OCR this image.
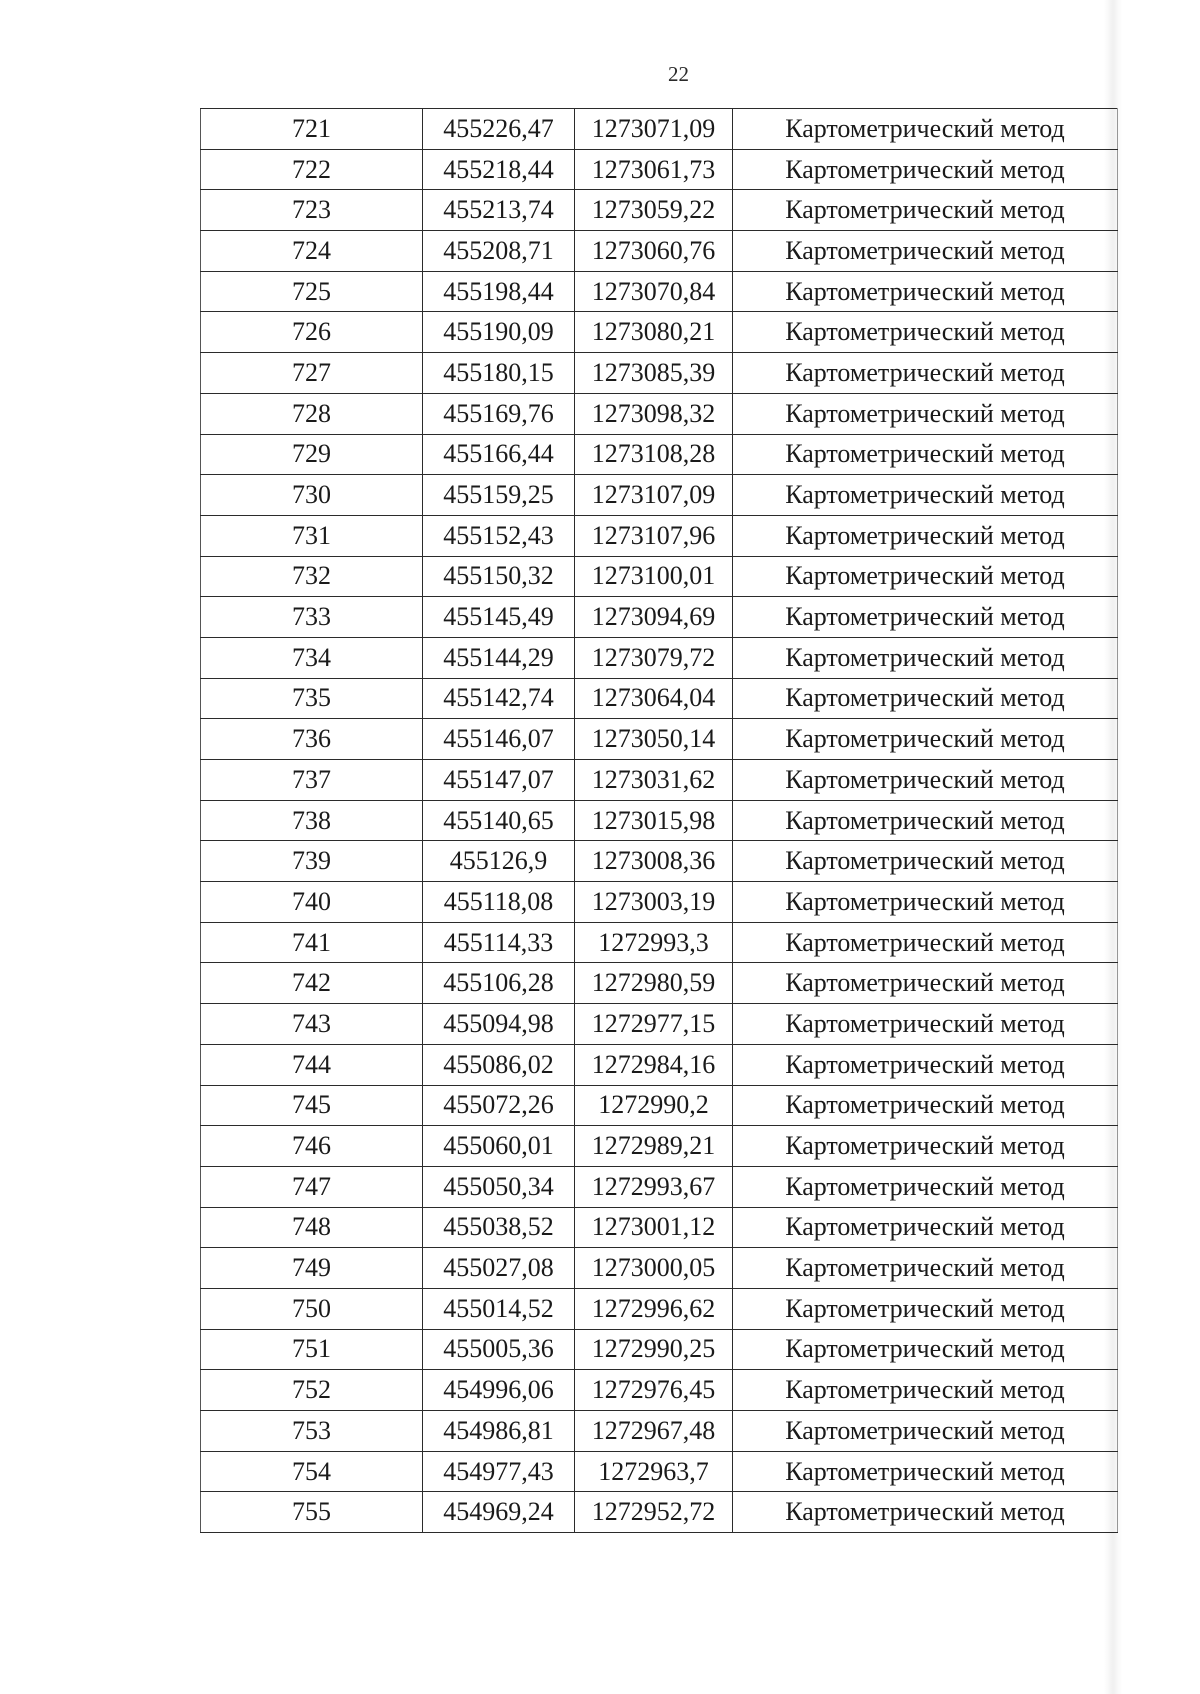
22
721	455226,47	1273071,09	Картометрический метод
722	455218,44	1273061,73	Картометрический метод
723	455213,74	1273059,22	Картометрический метод
724	455208,71	1273060,76	Картометрический метод
725	455198,44	1273070,84	Картометрический метод
726	455190,09	1273080,21	Картометрический метод
727	455180,15	1273085,39	Картометрический метод
728	455169,76	1273098,32	Картометрический метод
729	455166,44	1273108,28	Картометрический метод
730	455159,25	1273107,09	Картометрический метод
731	455152,43	1273107,96	Картометрический метод
732	455150,32	1273100,01	Картометрический метод
733	455145,49	1273094,69	Картометрический метод
734	455144,29	1273079,72	Картометрический метод
735	455142,74	1273064,04	Картометрический метод
736	455146,07	1273050,14	Картометрический метод
737	455147,07	1273031,62	Картометрический метод
738	455140,65	1273015,98	Картометрический метод
739	455126,9	1273008,36	Картометрический метод
740	455118,08	1273003,19	Картометрический метод
741	455114,33	1272993,3	Картометрический метод
742	455106,28	1272980,59	Картометрический метод
743	455094,98	1272977,15	Картометрический метод
744	455086,02	1272984,16	Картометрический метод
745	455072,26	1272990,2	Картометрический метод
746	455060,01	1272989,21	Картометрический метод
747	455050,34	1272993,67	Картометрический метод
748	455038,52	1273001,12	Картометрический метод
749	455027,08	1273000,05	Картометрический метод
750	455014,52	1272996,62	Картометрический метод
751	455005,36	1272990,25	Картометрический метод
752	454996,06	1272976,45	Картометрический метод
753	454986,81	1272967,48	Картометрический метод
754	454977,43	1272963,7	Картометрический метод
755	454969,24	1272952,72	Картометрический метод
